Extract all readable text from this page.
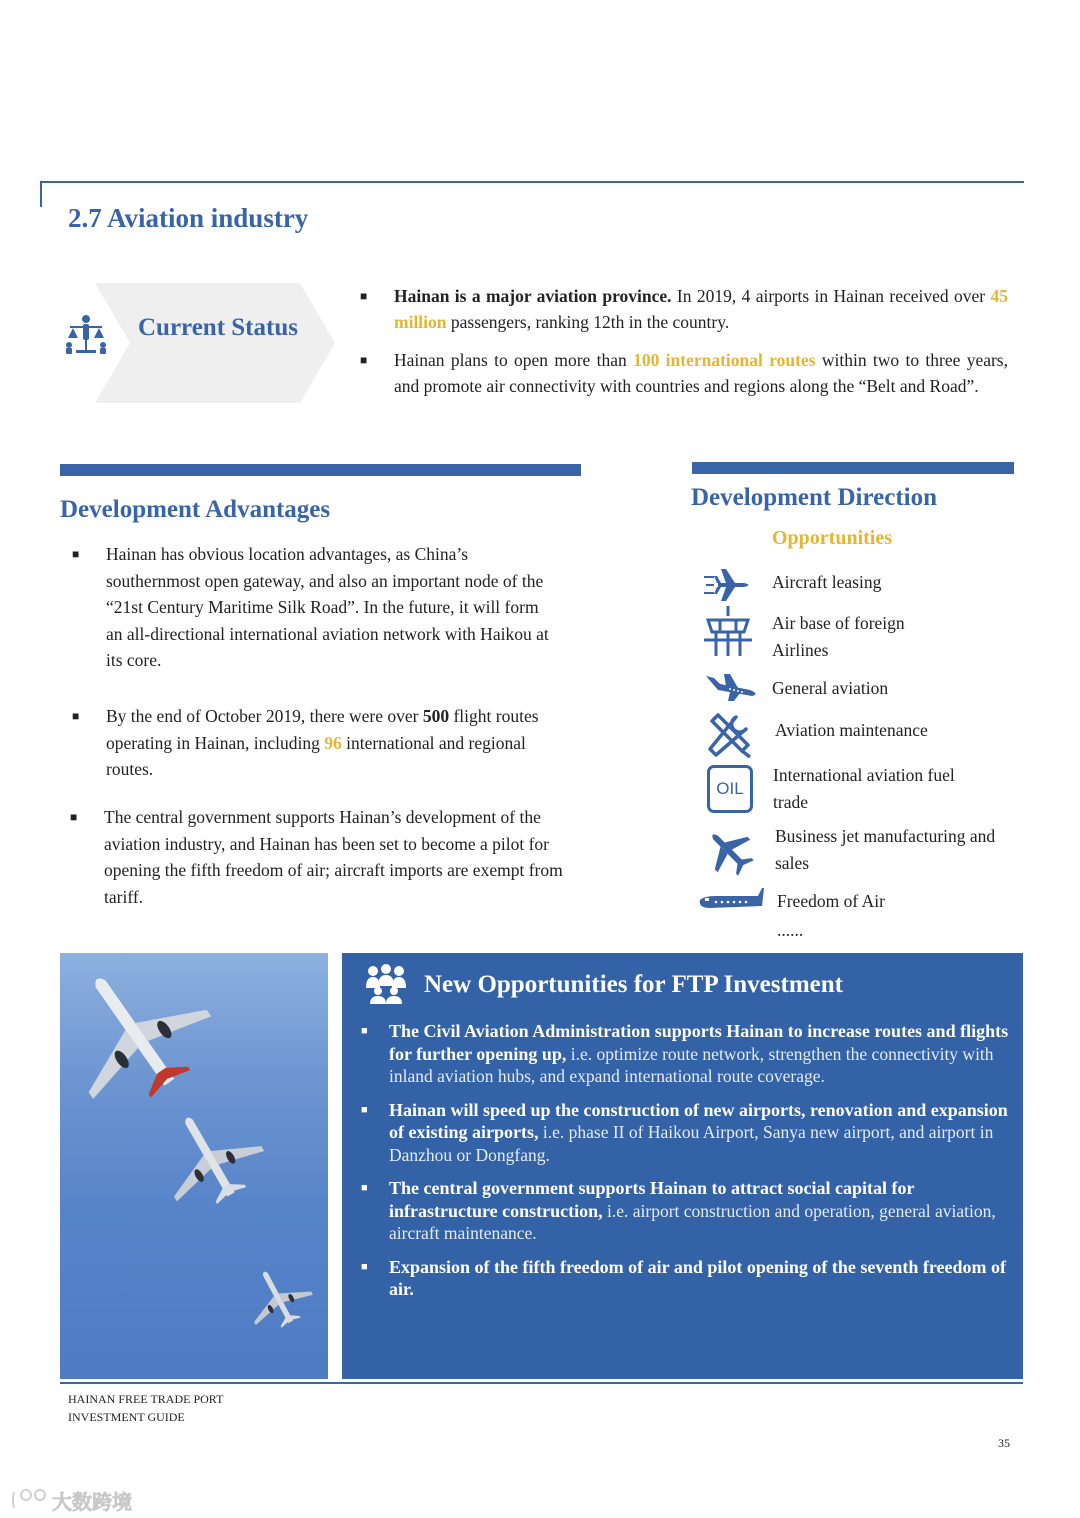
2.7 Aviation industry
Current Status
■ Hainan is a major aviation province. In 2019, 4 airports in Hainan received over 45 million passengers, ranking 12th in the country.
■ Hainan plans to open more than 100 international routes within two to three years, and promote air connectivity with countries and regions along the “Belt and Road”.
Development Advantages
■ Hainan has obvious location advantages, as China’s southernmost open gateway, and also an important node of the “21st Century Maritime Silk Road”. In the future, it will form an all-directional international aviation network with Haikou at its core.
■ By the end of October 2019, there were over 500 flight routes operating in Hainan, including 96 international and regional routes.
■ The central government supports Hainan’s development of the aviation industry, and Hainan has been set to become a pilot for opening the fifth freedom of air; aircraft imports are exempt from tariff.
Development Direction
Opportunities
Aircraft leasing
Air base of foreign Airlines
General aviation
Aviation maintenance
OIL
International aviation fuel trade
Business jet manufacturing and sales
Freedom of Air
......
New Opportunities for FTP Investment
■ The Civil Aviation Administration supports Hainan to increase routes and flights for further opening up, i.e. optimize route network, strengthen the connectivity with inland aviation hubs, and expand international route coverage.
■ Hainan will speed up the construction of new airports, renovation and expansion of existing airports, i.e. phase II of Haikou Airport, Sanya new airport, and airport in Danzhou or Dongfang.
■ The central government supports Hainan to attract social capital for infrastructure construction, i.e. airport construction and operation, general aviation, aircraft maintenance.
■ Expansion of the fifth freedom of air and pilot opening of the seventh freedom of air.
HAINAN FREE TRADE PORT
INVESTMENT GUIDE
35
大数跨境
